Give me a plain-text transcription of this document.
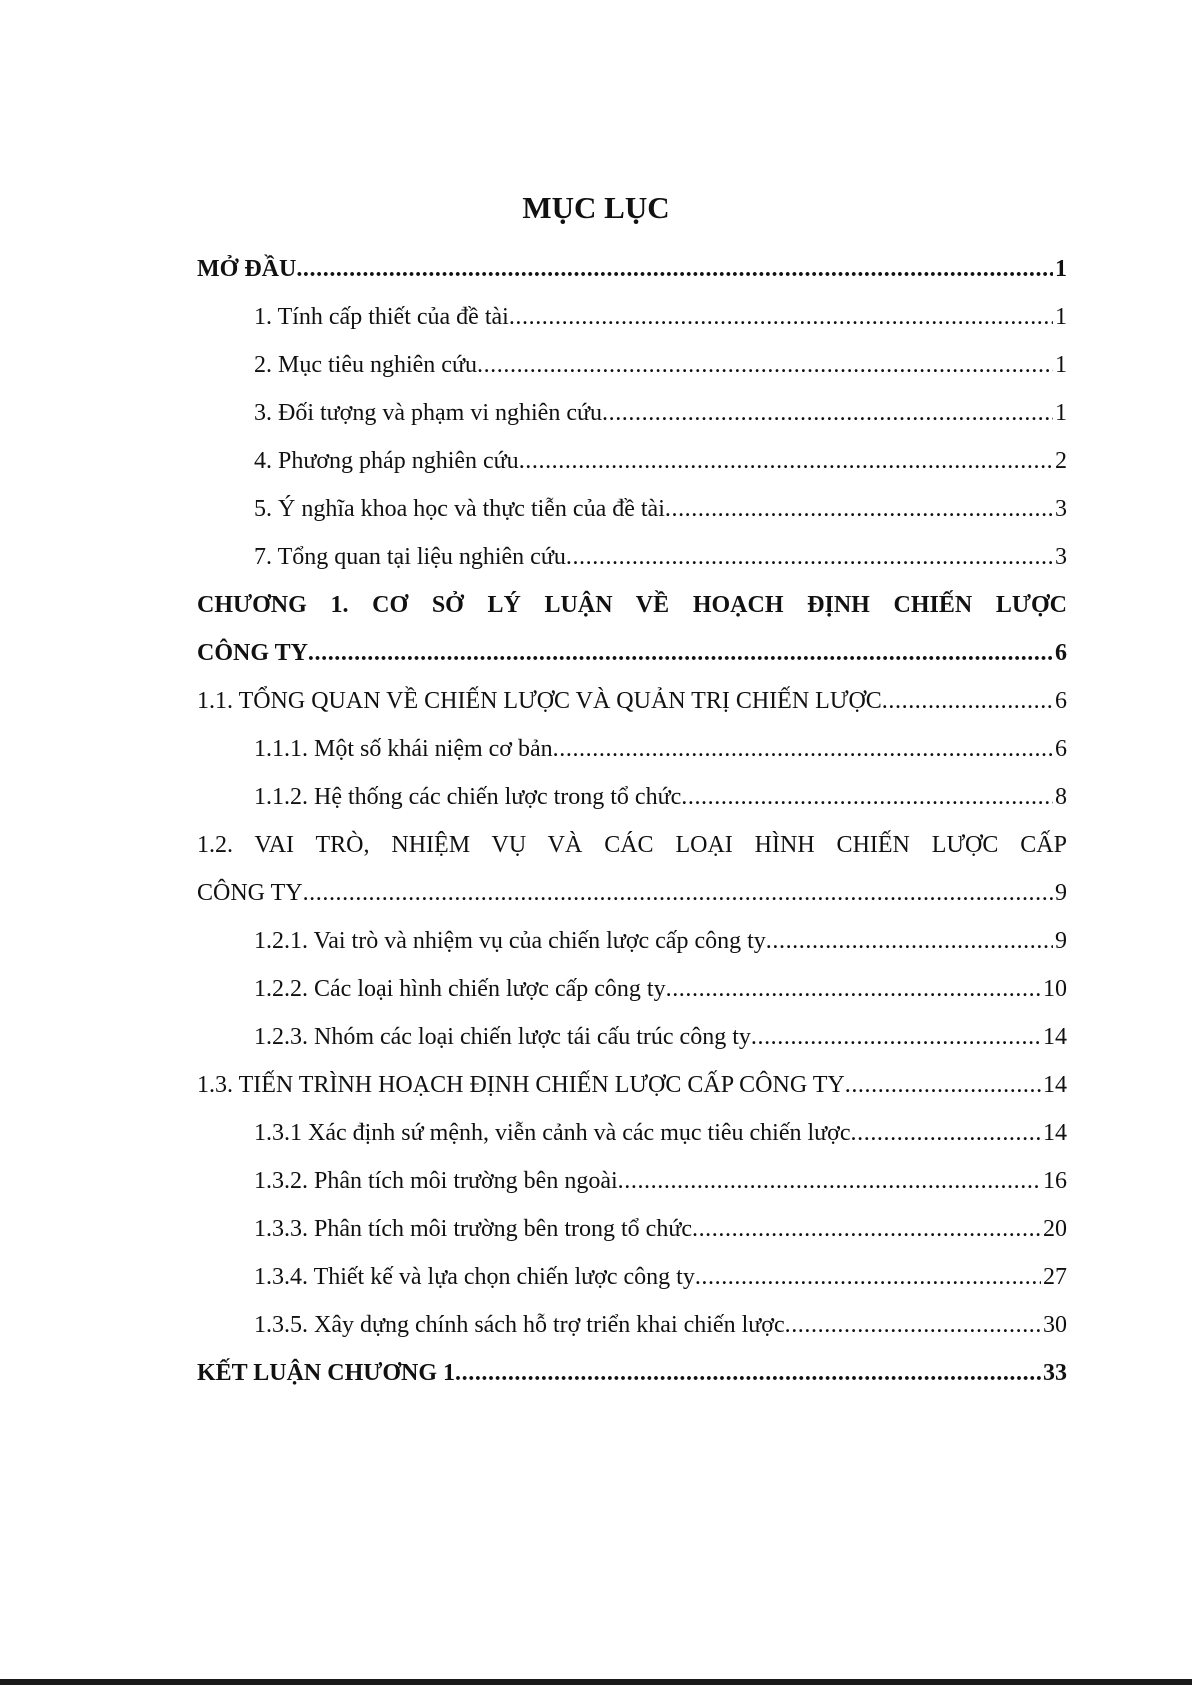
MỤC LỤC
MỞ ĐẦU .....	1
1. Tính cấp thiết của đề tài .....	1
2. Mục tiêu nghiên cứu .....	1
3. Đối tượng và phạm vi nghiên cứu .....	1
4. Phương pháp nghiên cứu .....	2
5. Ý nghĩa khoa học và thực tiễn của đề tài .....	3
7. Tổng quan tại liệu nghiên cứu .....	3
CHƯƠNG 1. CƠ SỞ LÝ LUẬN VỀ HOẠCH ĐỊNH CHIẾN LƯỢC
CÔNG TY .....	6
1.1. TỔNG QUAN VỀ CHIẾN LƯỢC VÀ QUẢN TRỊ CHIẾN LƯỢC .....	6
1.1.1. Một số khái niệm cơ bản .....	6
1.1.2. Hệ thống các chiến lược trong tổ chức .....	8
1.2. VAI TRÒ, NHIỆM VỤ VÀ CÁC LOẠI HÌNH CHIẾN LƯỢC CẤP
CÔNG TY .....	9
1.2.1. Vai trò và nhiệm vụ của chiến lược cấp công ty .....	9
1.2.2. Các loại hình chiến lược cấp công ty .....	10
1.2.3. Nhóm các loại chiến lược tái cấu trúc công ty .....	14
1.3. TIẾN TRÌNH HOẠCH ĐỊNH CHIẾN LƯỢC CẤP CÔNG TY .....	14
1.3.1 Xác định sứ mệnh, viễn cảnh và các mục tiêu chiến lược .....	14
1.3.2. Phân tích môi trường bên ngoài .....	16
1.3.3. Phân tích môi trường bên trong tổ chức .....	20
1.3.4. Thiết kế và lựa chọn chiến lược công ty .....	27
1.3.5. Xây dựng chính sách hỗ trợ triển khai chiến lược .....	30
KẾT LUẬN CHƯƠNG 1 .....	33
